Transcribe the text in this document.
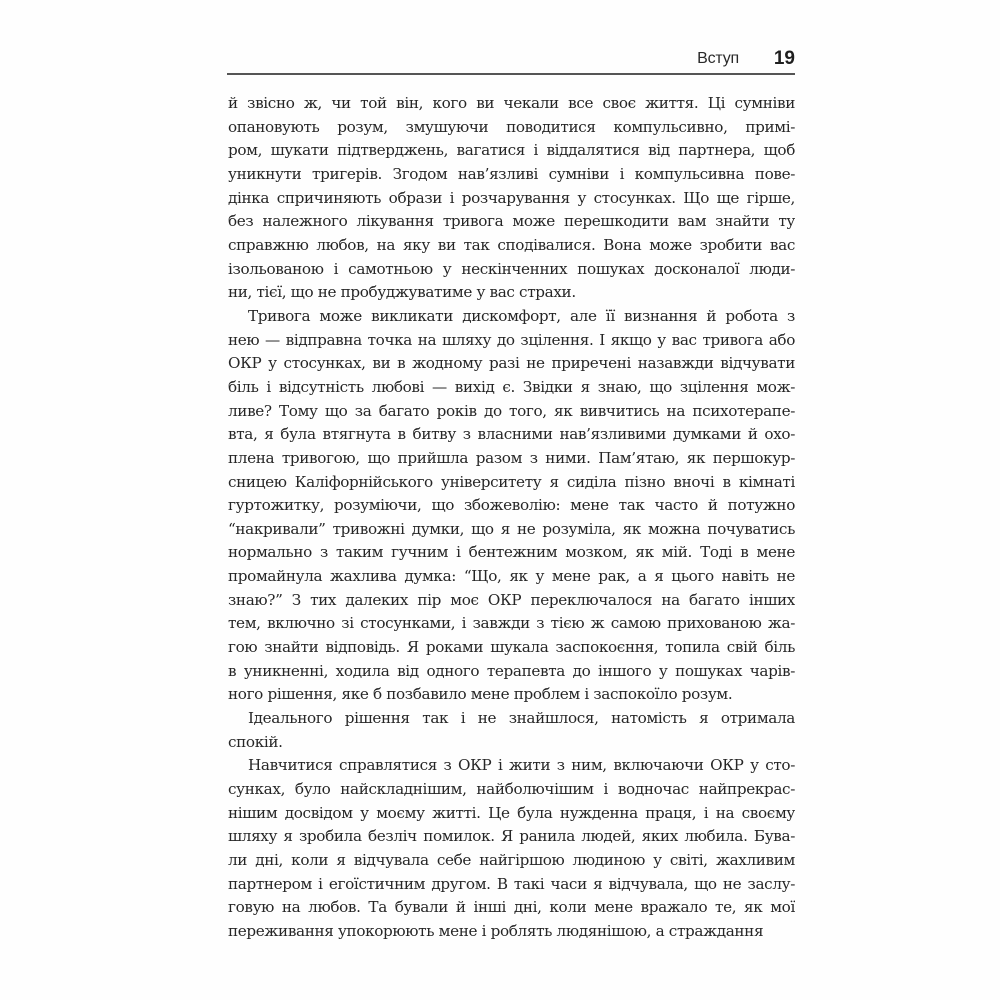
Вступ 19
й звісно ж, чи той він, кого ви чекали все своє життя. Ці сумніви
опановують розум, змушуючи поводитися компульсивно, примі-
ром, шукати підтверджень, вагатися і віддалятися від партнера, щоб
уникнути тригерів. Згодом нав’язливі сумніви і компульсивна пове-
дінка спричиняють образи і розчарування у стосунках. Що ще гірше,
без належного лікування тривога може перешкодити вам знайти ту
справжню любов, на яку ви так сподівалися. Вона може зробити вас
ізольованою і самотньою у нескінченних пошуках досконалої люди-
ни, тієї, що не пробуджуватиме у вас страхи.
Тривога може викликати дискомфорт, але її визнання й робота з
нею — відправна точка на шляху до зцілення. І якщо у вас тривога або
ОКР у стосунках, ви в жодному разі не приречені назавжди відчувати
біль і відсутність любові — вихід є. Звідки я знаю, що зцілення мож-
ливе? Тому що за багато років до того, як вивчитись на психотерапе-
вта, я була втягнута в битву з власними нав’язливими думками й охо-
плена тривогою, що прийшла разом з ними. Пам’ятаю, як першокур-
сницею Каліфорнійського університету я сиділа пізно вночі в кімнаті
гуртожитку, розуміючи, що збожеволію: мене так часто й потужно
“накривали” тривожні думки, що я не розуміла, як можна почуватись
нормально з таким гучним і бентежним мозком, як мій. Тоді в мене
промайнула жахлива думка: “Що, як у мене рак, а я цього навіть не
знаю?” З тих далеких пір моє ОКР переключалося на багато інших
тем, включно зі стосунками, і завжди з тією ж самою прихованою жа-
гою знайти відповідь. Я роками шукала заспокоєння, топила свій біль
в уникненні, ходила від одного терапевта до іншого у пошуках чарів-
ного рішення, яке б позбавило мене проблем і заспокоїло розум.
Ідеального рішення так і не знайшлося, натомість я отримала
спокій.
Навчитися справлятися з ОКР і жити з ним, включаючи ОКР у сто-
сунках, було найскладнішим, найболючішим і водночас найпрекрас-
нішим досвідом у моєму житті. Це була нужденна праця, і на своєму
шляху я зробила безліч помилок. Я ранила людей, яких любила. Бува-
ли дні, коли я відчувала себе найгіршою людиною у світі, жахливим
партнером і егоїстичним другом. В такі часи я відчувала, що не заслу-
говую на любов. Та бували й інші дні, коли мене вражало те, як мої
переживання упокорюють мене і роблять людянішою, а страждання
